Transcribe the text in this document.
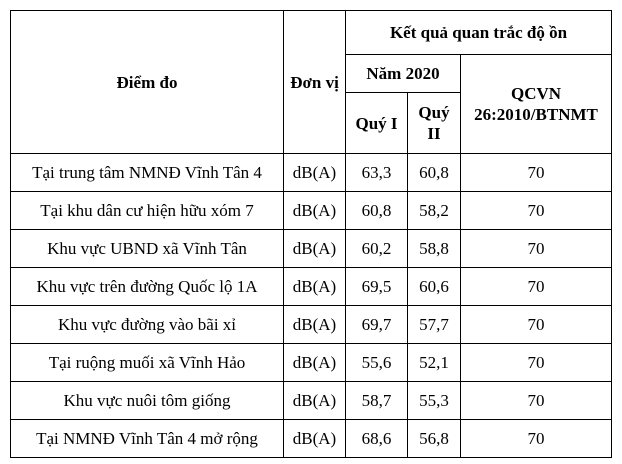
Điểm đo	Đơn vị	Kết quả quan trắc độ ồn		
		Năm 2020		QCVN 26:2010/BTNMT
		Quý I	Quý II	
Tại trung tâm NMNĐ Vĩnh Tân 4	dB(A)	63,3	60,8	70
Tại khu dân cư hiện hữu xóm 7	dB(A)	60,8	58,2	70
Khu vực UBND xã Vĩnh Tân	dB(A)	60,2	58,8	70
Khu vực trên đường Quốc lộ 1A	dB(A)	69,5	60,6	70
Khu vực đường vào bãi xỉ	dB(A)	69,7	57,7	70
Tại ruộng muối xã Vĩnh Hảo	dB(A)	55,6	52,1	70
Khu vực nuôi tôm giống	dB(A)	58,7	55,3	70
Tại NMNĐ Vĩnh Tân 4 mở rộng	dB(A)	68,6	56,8	70
